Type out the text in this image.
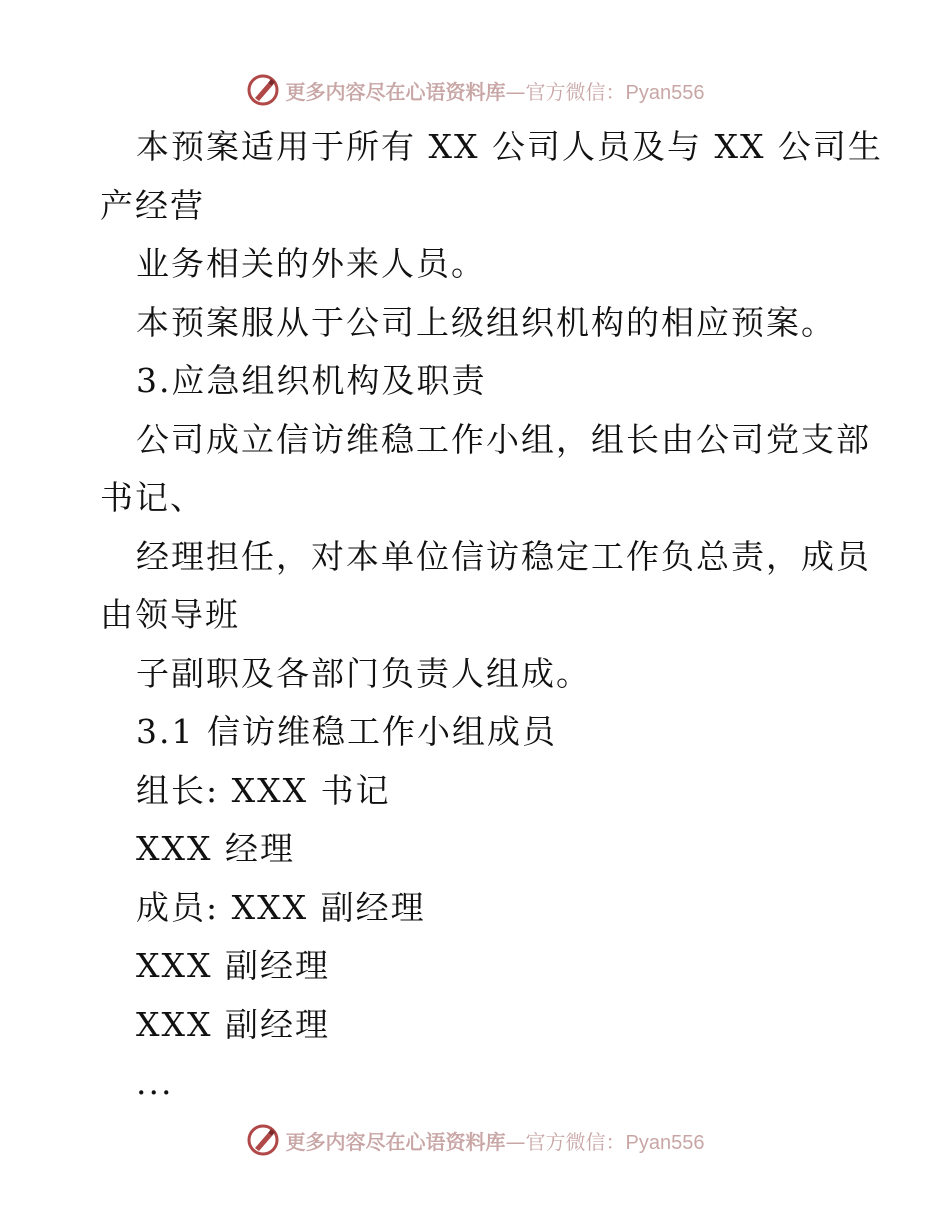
更多内容尽在心语资料库—官方微信：Pyan556
本预案适用于所有 XX 公司人员及与 XX 公司生
产经营
业务相关的外来人员。
本预案服从于公司上级组织机构的相应预案。
3.应急组织机构及职责
公司成立信访维稳工作小组，组长由公司党支部
书记、
经理担任，对本单位信访稳定工作负总责，成员
由领导班
子副职及各部门负责人组成。
3.1 信访维稳工作小组成员
组长: XXX 书记
XXX 经理
成员: XXX 副经理
XXX 副经理
XXX 副经理
...
更多内容尽在心语资料库—官方微信：Pyan556
